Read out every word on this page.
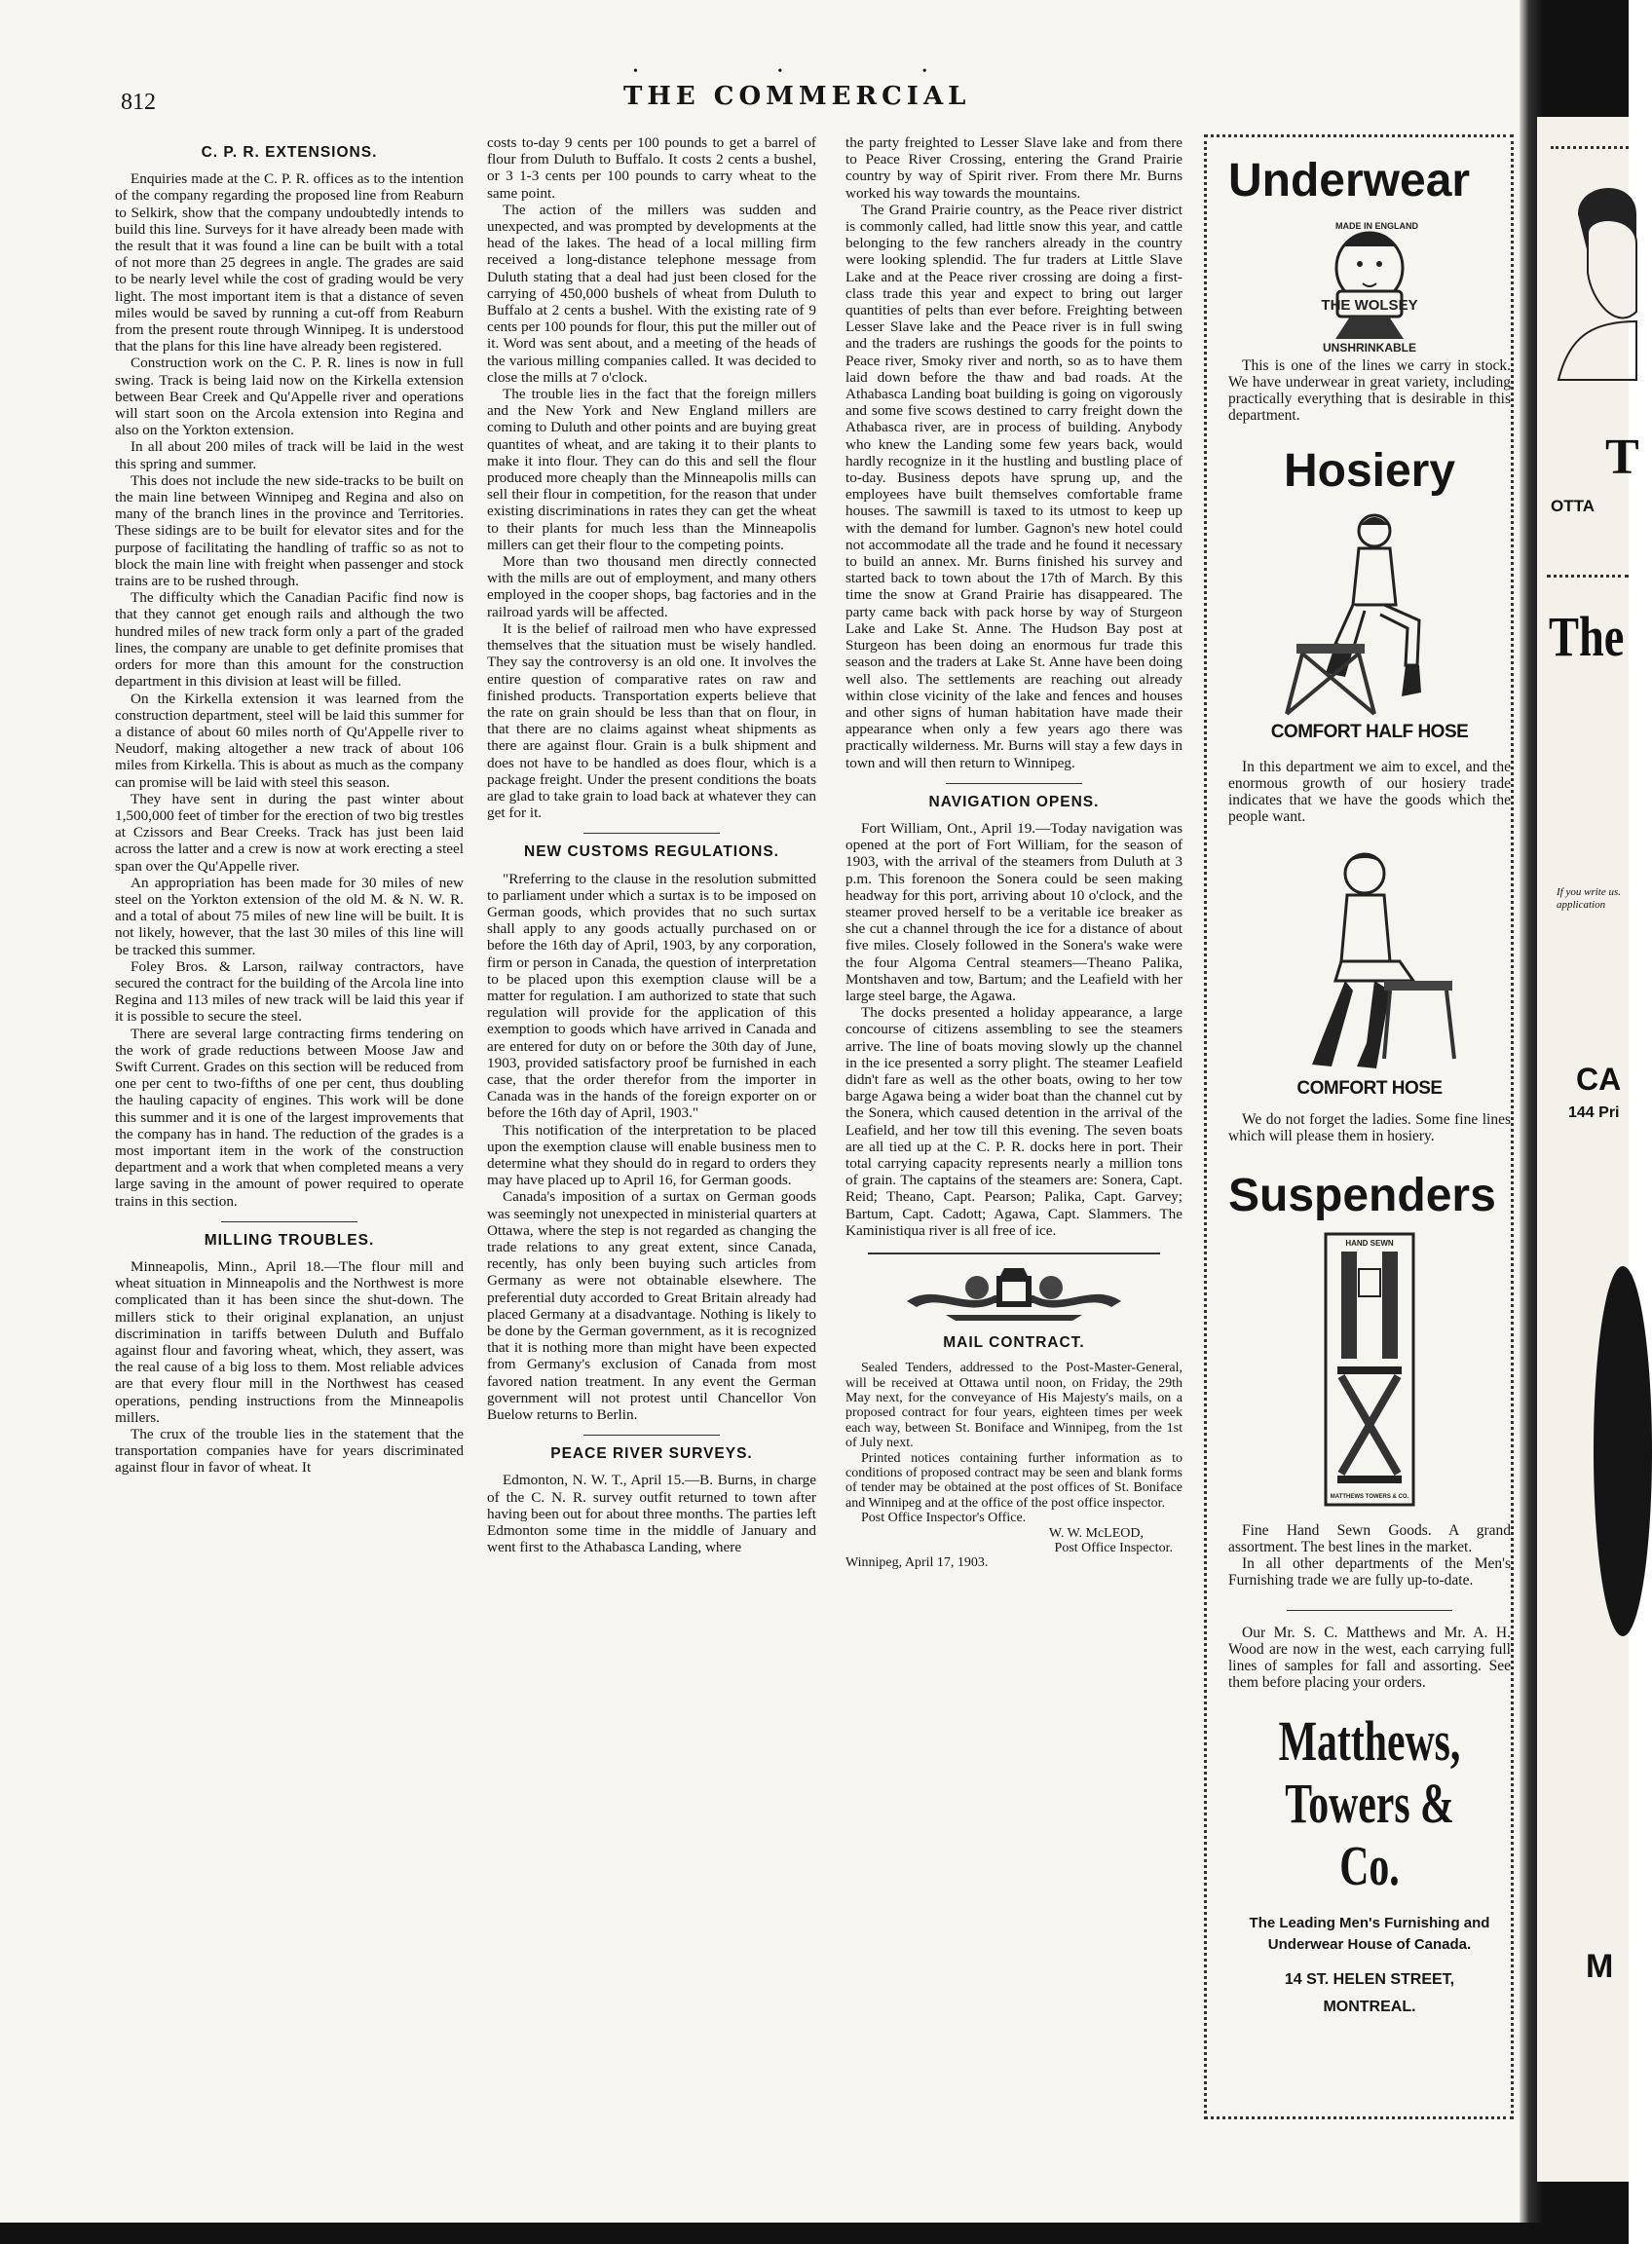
• • •
812	THE COMMERCIAL
C. P. R. EXTENSIONS.

Enquiries made at the C. P. R. offices as to the intention of the company regarding the proposed line from Reaburn to Selkirk, show that the company undoubtedly intends to build this line. Surveys for it have already been made with the result that it was found a line can be built with a total of not more than 25 degrees in angle. The grades are said to be nearly level while the cost of grading would be very light. The most important item is that a distance of seven miles would be saved by running a cut-off from Reaburn from the present route through Winnipeg. It is understood that the plans for this line have already been registered.

Construction work on the C. P. R. lines is now in full swing. Track is being laid now on the Kirkella extension between Bear Creek and Qu'Appelle river and operations will start soon on the Arcola extension into Regina and also on the Yorkton extension.

In all about 200 miles of track will be laid in the west this spring and summer.

This does not include the new side-tracks to be built on the main line between Winnipeg and Regina and also on many of the branch lines in the province and Territories. These sidings are to be built for elevator sites and for the purpose of facilitating the handling of traffic so as not to block the main line with freight when passenger and stock trains are to be rushed through.

The difficulty which the Canadian Pacific find now is that they cannot get enough rails and although the two hundred miles of new track form only a part of the graded lines, the company are unable to get definite promises that orders for more than this amount for the construction department in this division at least will be filled.

On the Kirkella extension it was learned from the construction department, steel will be laid this summer for a distance of about 60 miles north of Qu'Appelle river to Neudorf, making altogether a new track of about 106 miles from Kirkella. This is about as much as the company can promise will be laid with steel this season.

They have sent in during the past winter about 1,500,000 feet of timber for the erection of two big trestles at Czissors and Bear Creeks. Track has just been laid across the latter and a crew is now at work erecting a steel span over the Qu'Appelle river.

An appropriation has been made for 30 miles of new steel on the Yorkton extension of the old M. & N. W. R. and a total of about 75 miles of new line will be built. It is not likely, however, that the last 30 miles of this line will be tracked this summer.

Foley Bros. & Larson, railway contractors, have secured the contract for the building of the Arcola line into Regina and 113 miles of new track will be laid this year if it is possible to secure the steel.

There are several large contracting firms tendering on the work of grade reductions between Moose Jaw and Swift Current. Grades on this section will be reduced from one per cent to two-fifths of one per cent, thus doubling the hauling capacity of engines. This work will be done this summer and it is one of the largest improvements that the company has in hand. The reduction of the grades is a most important item in the work of the construction department and a work that when completed means a very large saving in the amount of power required to operate trains in this section.

MILLING TROUBLES.

Minneapolis, Minn., April 18.—The flour mill and wheat situation in Minneapolis and the Northwest is more complicated than it has been since the shut-down. The millers stick to their original explanation, an unjust discrimination in tariffs between Duluth and Buffalo against flour and favoring wheat, which, they assert, was the real cause of a big loss to them. Most reliable advices are that every flour mill in the Northwest has ceased operations, pending instructions from the Minneapolis millers.

The crux of the trouble lies in the statement that the transportation companies have for years discriminated against flour in favor of wheat. It

costs to-day 9 cents per 100 pounds to get a barrel of flour from Duluth to Buffalo. It costs 2 cents a bushel, or 3 1-3 cents per 100 pounds to carry wheat to the same point.

The action of the millers was sudden and unexpected, and was prompted by developments at the head of the lakes. The head of a local milling firm received a long-distance telephone message from Duluth stating that a deal had just been closed for the carrying of 450,000 bushels of wheat from Duluth to Buffalo at 2 cents a bushel. With the existing rate of 9 cents per 100 pounds for flour, this put the miller out of it. Word was sent about, and a meeting of the heads of the various milling companies called. It was decided to close the mills at 7 o'clock.

The trouble lies in the fact that the foreign millers and the New York and New England millers are coming to Duluth and other points and are buying great quantites of wheat, and are taking it to their plants to make it into flour. They can do this and sell the flour produced more cheaply than the Minneapolis mills can sell their flour in competition, for the reason that under existing discriminations in rates they can get the wheat to their plants for much less than the Minneapolis millers can get their flour to the competing points.

More than two thousand men directly connected with the mills are out of employment, and many others employed in the cooper shops, bag factories and in the railroad yards will be affected.

It is the belief of railroad men who have expressed themselves that the situation must be wisely handled. They say the controversy is an old one. It involves the entire question of comparative rates on raw and finished products. Transportation experts believe that the rate on grain should be less than that on flour, in that there are no claims against wheat shipments as there are against flour. Grain is a bulk shipment and does not have to be handled as does flour, which is a package freight. Under the present conditions the boats are glad to take grain to load back at whatever they can get for it.

NEW CUSTOMS REGULATIONS.

"Rreferring to the clause in the resolution submitted to parliament under which a surtax is to be imposed on German goods, which provides that no such surtax shall apply to any goods actually purchased on or before the 16th day of April, 1903, by any corporation, firm or person in Canada, the question of interpretation to be placed upon this exemption clause will be a matter for regulation. I am authorized to state that such regulation will provide for the application of this exemption to goods which have arrived in Canada and are entered for duty on or before the 30th day of June, 1903, provided satisfactory proof be furnished in each case, that the order therefor from the importer in Canada was in the hands of the foreign exporter on or before the 16th day of April, 1903."

This notification of the interpretation to be placed upon the exemption clause will enable business men to determine what they should do in regard to orders they may have placed up to April 16, for German goods.

Canada's imposition of a surtax on German goods was seemingly not unexpected in ministerial quarters at Ottawa, where the step is not regarded as changing the trade relations to any great extent, since Canada, recently, has only been buying such articles from Germany as were not obtainable elsewhere. The preferential duty accorded to Great Britain already had placed Germany at a disadvantage. Nothing is likely to be done by the German government, as it is recognized that it is nothing more than might have been expected from Germany's exclusion of Canada from most favored nation treatment. In any event the German government will not protest until Chancellor Von Buelow returns to Berlin.

PEACE RIVER SURVEYS.

Edmonton, N. W. T., April 15.—B. Burns, in charge of the C. N. R. survey outfit returned to town after having been out for about three months. The parties left Edmonton some time in the middle of January and went first to the Athabasca Landing, where

the party freighted to Lesser Slave lake and from there to Peace River Crossing, entering the Grand Prairie country by way of Spirit river. From there Mr. Burns worked his way towards the mountains.

The Grand Prairie country, as the Peace river district is commonly called, had little snow this year, and cattle belonging to the few ranchers already in the country were looking splendid. The fur traders at Little Slave Lake and at the Peace river crossing are doing a first-class trade this year and expect to bring out larger quantities of pelts than ever before. Freighting between Lesser Slave lake and the Peace river is in full swing and the traders are rushings the goods for the points to Peace river, Smoky river and north, so as to have them laid down before the thaw and bad roads. At the Athabasca Landing boat building is going on vigorously and some five scows destined to carry freight down the Athabasca river, are in process of building. Anybody who knew the Landing some few years back, would hardly recognize in it the hustling and bustling place of to-day. Business depots have sprung up, and the employees have built themselves comfortable frame houses. The sawmill is taxed to its utmost to keep up with the demand for lumber. Gagnon's new hotel could not accommodate all the trade and he found it necessary to build an annex. Mr. Burns finished his survey and started back to town about the 17th of March. By this time the snow at Grand Prairie has disappeared. The party came back with pack horse by way of Sturgeon Lake and Lake St. Anne. The Hudson Bay post at Sturgeon has been doing an enormous fur trade this season and the traders at Lake St. Anne have been doing well also. The settlements are reaching out already within close vicinity of the lake and fences and houses and other signs of human habitation have made their appearance when only a few years ago there was practically wilderness. Mr. Burns will stay a few days in town and will then return to Winnipeg.

NAVIGATION OPENS.

Fort William, Ont., April 19.—Today navigation was opened at the port of Fort William, for the season of 1903, with the arrival of the steamers from Duluth at 3 p.m. This forenoon the Sonera could be seen making headway for this port, arriving about 10 o'clock, and the steamer proved herself to be a veritable ice breaker as she cut a channel through the ice for a distance of about five miles. Closely followed in the Sonera's wake were the four Algoma Central steamers—Theano Palika, Montshaven and tow, Bartum; and the Leafield with her large steel barge, the Agawa.

The docks presented a holiday appearance, a large concourse of citizens assembling to see the steamers arrive. The line of boats moving slowly up the channel in the ice presented a sorry plight. The steamer Leafield didn't fare as well as the other boats, owing to her tow barge Agawa being a wider boat than the channel cut by the Sonera, which caused detention in the arrival of the Leafield, and her tow till this evening. The seven boats are all tied up at the C. P. R. docks here in port. Their total carrying capacity represents nearly a million tons of grain. The captains of the steamers are: Sonera, Capt. Reid; Theano, Capt. Pearson; Palika, Capt. Garvey; Bartum, Capt. Cadott; Agawa, Capt. Slammers. The Kaministiqua river is all free of ice.

MAIL CONTRACT.

Sealed Tenders, addressed to the Post-Master-General, will be received at Ottawa until noon, on Friday, the 29th May next, for the conveyance of His Majesty's mails, on a proposed contract for four years, eighteen times per week each way, between St. Boniface and Winnipeg, from the 1st of July next.

Printed notices containing further information as to conditions of proposed contract may be seen and blank forms of tender may be obtained at the post offices of St. Boniface and Winnipeg and at the office of the post office inspector.

Post Office Inspector's Office.

W. W. McLEOD,

Post Office Inspector.

Winnipeg, April 17, 1903.

Underwear
MADE IN ENGLAND
THE WOLSEY
UNSHRINKABLE

This is one of the lines we carry in stock. We have underwear in great variety, including practically everything that is desirable in this department.

Hosiery
COMFORT HALF HOSE

In this department we aim to excel, and the enormous growth of our hosiery trade indicates that we have the goods which the people want.

COMFORT HOSE

We do not forget the ladies. Some fine lines which will please them in hosiery.

Suspenders
HAND SEWN
MATTHEWS TOWERS & CO.

Fine Hand Sewn Goods. A grand assortment. The best lines in the market.

In all other departments of the Men's Furnishing trade we are fully up-to-date.

Our Mr. S. C. Matthews and Mr. A. H. Wood are now in the west, each carrying full lines of samples for fall and assorting. See them before placing your orders.

Matthews,
Towers & Co.
The Leading Men's Furnishing and Underwear House of Canada.
14 ST. HELEN STREET,
MONTREAL.
T
OTTA
The
If you write us. application
CA
144 Pri
M
